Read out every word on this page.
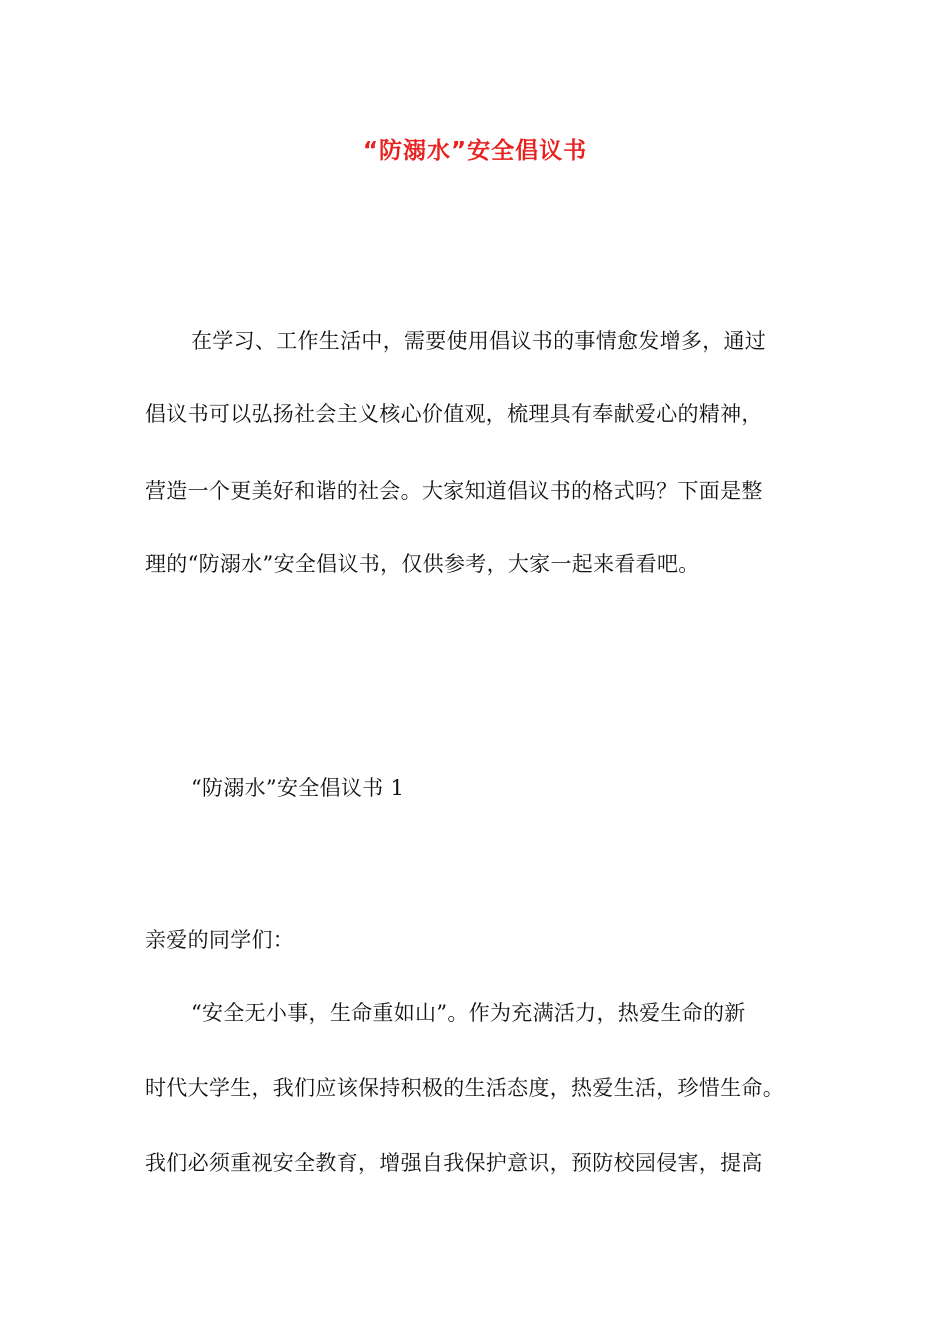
“防溺水”安全倡议书
在学习、工作生活中，需要使用倡议书的事情愈发增多，通过
倡议书可以弘扬社会主义核心价值观，梳理具有奉献爱心的精神，
营造一个更美好和谐的社会。大家知道倡议书的格式吗？下面是整
理的“防溺水”安全倡议书，仅供参考，大家一起来看看吧。
“防溺水”安全倡议书 1
亲爱的同学们：
“安全无小事，生命重如山”。作为充满活力，热爱生命的新
时代大学生，我们应该保持积极的生活态度，热爱生活，珍惜生命。
我们必须重视安全教育，增强自我保护意识，预防校园侵害，提高
